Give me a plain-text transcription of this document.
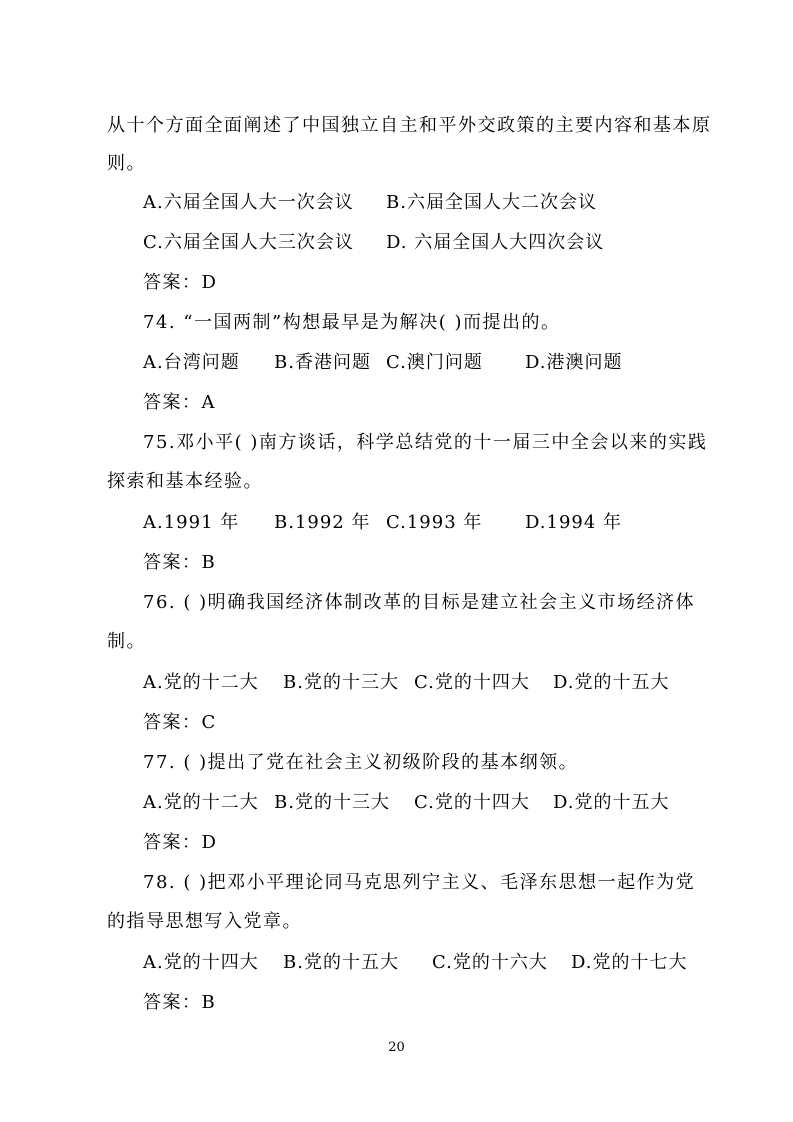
从十个方面全面阐述了中国独立自主和平外交政策的主要内容和基本原
则。
A.六届全国人大一次会议 B.六届全国人大二次会议
C.六届全国人大三次会议 D. 六届全国人大四次会议
答案：D
74. “一国两制”构想最早是为解决( )而提出的。
A.台湾问题 B.香港问题 C.澳门问题 D.港澳问题
答案：A
75.邓小平( )南方谈话，科学总结党的十一届三中全会以来的实践
探索和基本经验。
A.1991 年 B.1992 年 C.1993 年 D.1994 年
答案：B
76. ( )明确我国经济体制改革的目标是建立社会主义市场经济体
制。
A.党的十二大 B.党的十三大 C.党的十四大 D.党的十五大
答案：C
77. ( )提出了党在社会主义初级阶段的基本纲领。
A.党的十二大 B.党的十三大 C.党的十四大 D.党的十五大
答案：D
78. ( )把邓小平理论同马克思列宁主义、毛泽东思想一起作为党
的指导思想写入党章。
A.党的十四大 B.党的十五大 C.党的十六大 D.党的十七大
答案：B
20
